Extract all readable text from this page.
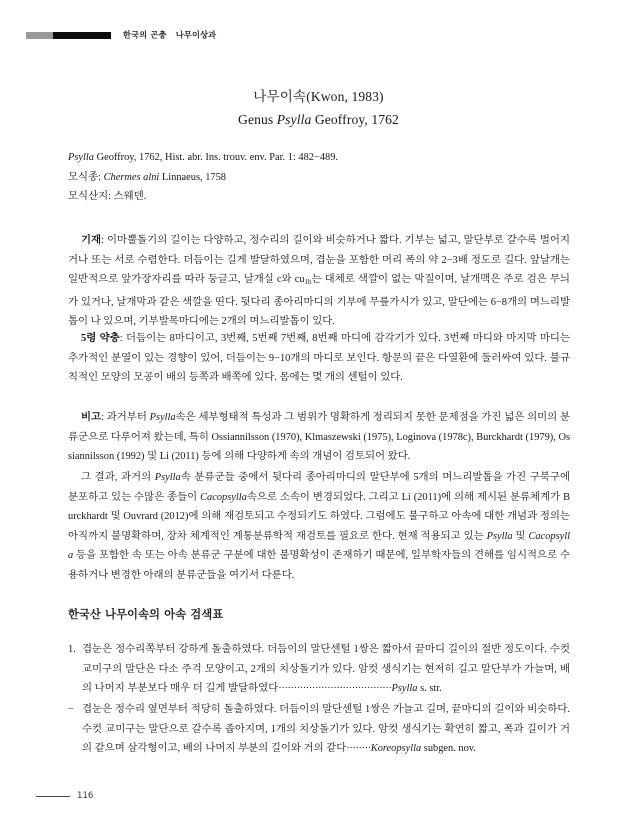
한국의 곤충   나무이상과
나무이속(Kwon, 1983)
Genus Psylla Geoffroy, 1762
Psylla Geoffroy, 1762, Hist. abr. Ins. trouv. env. Par. 1: 482−489.
모식종: Chermes alni Linnaeus, 1758
모식산지: 스웨덴.
기재: 이마뿔돌기의 길이는 다양하고, 정수리의 길이와 비슷하거나 짧다. 기부는 넓고, 말단부로 갈수록 벌어지거나 또는 서로 수렴한다. 더듬이는 길게 발달하였으며, 겹눈을 포함한 머리 폭의 약 2−3배 정도로 길다. 앞날개는 일반적으로 앞가장자리를 따라 둥글고, 날개실 c와 $cu_{1b}$는 대체로 색깔이 없는 막질이며, 날개맥은 주로 검은 무늬가 있거나, 날개막과 같은 색깔을 띤다. 뒷다리 종아리마디의 기부에 무릎가시가 있고, 말단에는 6−8개의 며느리발톱이 나 있으며, 기부발목마디에는 2개의 며느리발톱이 있다.
5령 약충: 더듬이는 8마디이고, 3번째, 5번째 7번째, 8번째 마디에 감각기가 있다. 3번째 마디와 마지막 마디는 추가적인 분열이 있는 경향이 있어, 더듬이는 9−10개의 마디로 보인다. 항문의 끝은 다열환에 둘러싸여 있다. 불규칙적인 모양의 모공이 배의 등쪽과 배쪽에 있다. 몸에는 몇 개의 센털이 있다.
비고: 과거부터 Psylla속은 세부형태적 특성과 그 범위가 명확하게 정리되지 못한 문제점을 가진 넓은 의미의 분류군으로 다루어져 왔는데, 특히 Ossiannilsson (1970), Klmaszewski (1975), Loginova (1978c), Burckhardt (1979), Ossiannilsson (1992) 및 Li (2011) 등에 의해 다양하게 속의 개념이 검토되어 왔다.
그 결과, 과거의 Psylla속 분류군들 중에서 뒷다리 종아리마디의 말단부에 5개의 며느리발톱을 가진 구북구에 분포하고 있는 수많은 종들이 Cacopsylla속으로 소속이 변경되었다. 그리고 Li (2011)에 의해 제시된 분류체계가 Burckhardt 및 Ouvrard (2012)에 의해 재검토되고 수정되기도 하였다. 그럼에도 불구하고 아속에 대한 개념과 정의는 아직까지 불명확하며, 장차 체계적인 계통분류학적 재검토를 필요로 한다. 현재 적용되고 있는 Psylla 및 Cacopsylla 등을 포함한 속 또는 아속 분류군 구분에 대한 불명확성이 존재하기 때문에, 일부학자들의 견해를 임시적으로 수용하거나 변경한 아래의 분류군들을 여기서 다룬다.
한국산 나무이속의 아속 검색표
1. 겹눈은 정수리쪽부터 강하게 돌출하였다. 더듬이의 말단센털 1쌍은 짧아서 끝마디 길이의 절반 정도이다. 수컷 교미구의 말단은 다소 주걱 모양이고, 2개의 치상돌기가 있다. 암컷 생식기는 현저히 길고 말단부가 가늘며, 배의 나머지 부분보다 매우 더 길게 발달하였다·····································Psylla s. str.
− 겹눈은 정수리 옆면부터 적당히 돌출하였다. 더듬이의 말단센털 1쌍은 가늘고 길며, 끝마디의 길이와 비슷하다. 수컷 교미구는 말단으로 갈수록 좁아지며, 1개의 치상돌기가 있다. 암컷 생식기는 확연히 짧고, 폭과 길이가 거의 같으며 삼각형이고, 배의 나머지 부분의 길이와 거의 같다········Koreopsylla subgen. nov.
116
